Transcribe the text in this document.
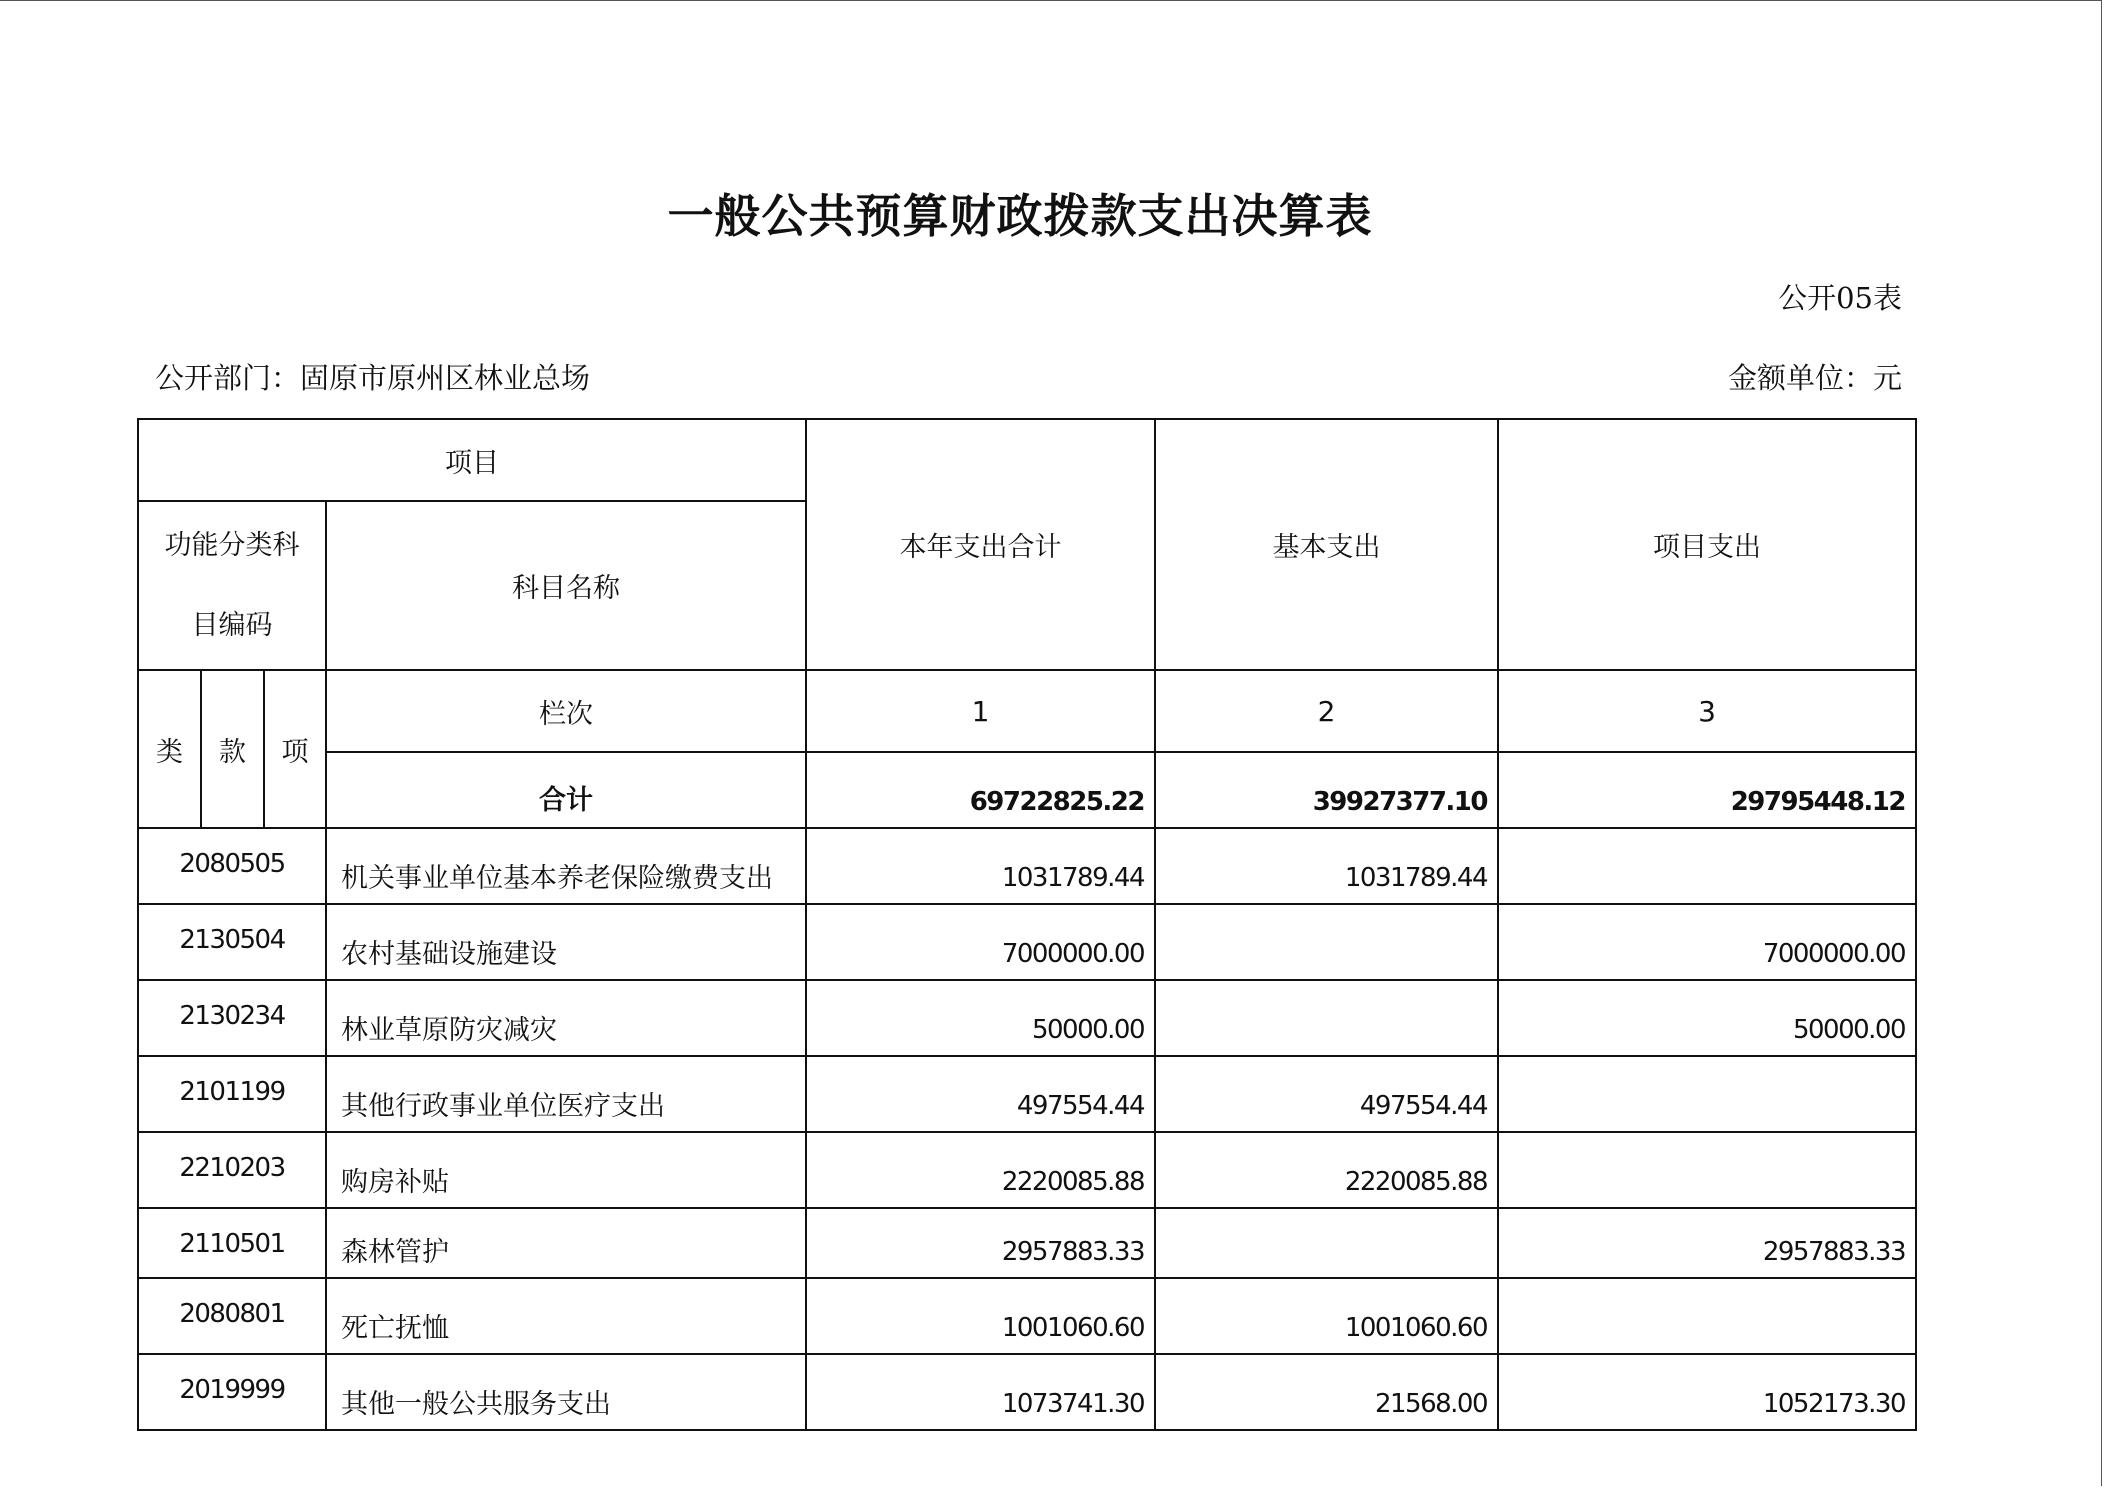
一般公共预算财政拨款支出决算表
公开05表
公开部门：固原市原州区林业总场	金额单位：元
项目				本年支出合计	基本支出	项目支出
功能分类科
目编码			科目名称			
类	款	项	栏次	1	2	3
			合计	69722825.22	39927377.10	29795448.12
2080505			机关事业单位基本养老保险缴费支出	1031789.44	1031789.44	
2130504			农村基础设施建设	7000000.00		7000000.00
2130234			林业草原防灾减灾	50000.00		50000.00
2101199			其他行政事业单位医疗支出	497554.44	497554.44	
2210203			购房补贴	2220085.88	2220085.88	
2110501			森林管护	2957883.33		2957883.33
2080801			死亡抚恤	1001060.60	1001060.60	
2019999			其他一般公共服务支出	1073741.30	21568.00	1052173.30
